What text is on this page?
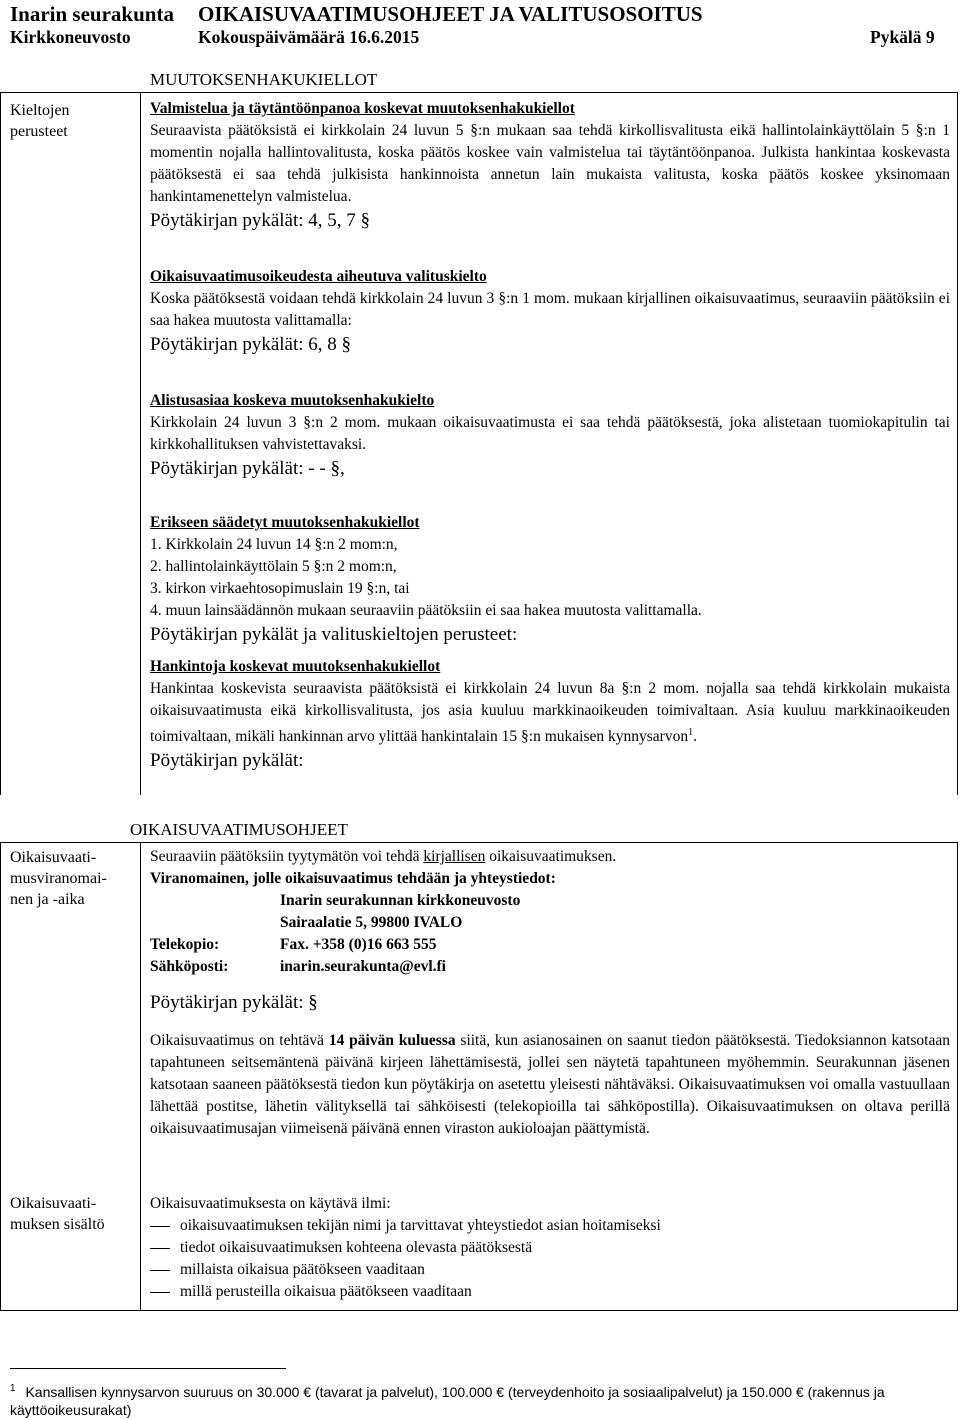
Inarin seurakunta OIKAISUVAATIMUSOHJEET JA VALITUSOSOITUS
Kirkkoneuvosto	Kokouspäivämäärä 16.6.2015	Pykälä 9
MUUTOKSENHAKUKIELLOT
Kieltojen
perusteet
Valmistelua ja täytäntöönpanoa koskevat muutoksenhakukiellot

Seuraavista päätöksistä ei kirkkolain 24 luvun 5 §:n mukaan saa tehdä kirkollisvalitusta eikä hallintolainkäyttölain 5 §:n 1 momentin nojalla hallintovalitusta, koska päätös koskee vain valmistelua tai täytäntöönpanoa. Julkista hankintaa koskevasta päätöksestä ei saa tehdä julkisista hankinnoista annetun lain mukaista valitusta, koska päätös koskee yksinomaan hankintamenettelyn valmistelua.

Pöytäkirjan pykälät: 4, 5, 7 §
Oikaisuvaatimusoikeudesta aiheutuva valituskielto

Koska päätöksestä voidaan tehdä kirkkolain 24 luvun 3 §:n 1 mom. mukaan kirjallinen oikaisuvaatimus, seuraaviin päätöksiin ei saa hakea muutosta valittamalla:

Pöytäkirjan pykälät: 6, 8 §
Alistusasiaa koskeva muutoksenhakukielto

Kirkkolain 24 luvun 3 §:n 2 mom. mukaan oikaisuvaatimusta ei saa tehdä päätöksestä, joka alistetaan tuomiokapitulin tai kirkkohallituksen vahvistettavaksi.

Pöytäkirjan pykälät: - - §,
Erikseen säädetyt muutoksenhakukiellot
1. Kirkkolain 24 luvun 14 §:n 2 mom:n,
2. hallintolainkäyttölain 5 §:n 2 mom:n,
3. kirkon virkaehtosopimuslain 19 §:n, tai
4. muun lainsäädännön mukaan seuraaviin päätöksiin ei saa hakea muutosta valittamalla.
Pöytäkirjan pykälät ja valituskieltojen perusteet:
Hankintoja koskevat muutoksenhakukiellot

Hankintaa koskevista seuraavista päätöksistä ei kirkkolain 24 luvun 8a §:n 2 mom. nojalla saa tehdä kirkkolain mukaista oikaisuvaatimusta eikä kirkollisvalitusta, jos asia kuuluu markkinaoikeuden toimivaltaan. Asia kuuluu markkinaoikeuden toimivaltaan, mikäli hankinnan arvo ylittää hankintalain 15 §:n mukaisen kynnysarvon$^1$.

Pöytäkirjan pykälät:
OIKAISUVAATIMUSOHJEET
Oikaisuvaati-
musviranomai-
nen ja -aika
Seuraaviin päätöksiin tyytymätön voi tehdä kirjallisen oikaisuvaatimuksen.
Viranomainen, jolle oikaisuvaatimus tehdään ja yhteystiedot:
Inarin seurakunnan kirkkoneuvosto
Sairaalatie 5, 99800 IVALO
Telekopio:	Fax. +358 (0)16 663 555
Sähköposti:	inarin.seurakunta@evl.fi
Pöytäkirjan pykälät: §

Oikaisuvaatimus on tehtävä 14 päivän kuluessa siitä, kun asianosainen on saanut tiedon päätöksestä. Tiedoksiannon katsotaan tapahtuneen seitsemäntenä päivänä kirjeen lähettämisestä, jollei sen näytetä tapahtuneen myöhemmin. Seurakunnan jäsenen katsotaan saaneen päätöksestä tiedon kun pöytäkirja on asetettu yleisesti nähtäväksi. Oikaisuvaatimuksen voi omalla vastuullaan lähettää postitse, lähetin välityksellä tai sähköisesti (telekopioilla tai sähköpostilla). Oikaisuvaatimuksen on oltava perillä oikaisuvaatimusajan viimeisenä päivänä ennen viraston aukioloajan päättymistä.

Oikaisuvaati-
muksen sisältö
Oikaisuvaatimuksesta on käytävä ilmi:
oikaisuvaatimuksen tekijän nimi ja tarvittavat yhteystiedot asian hoitamiseksi
tiedot oikaisuvaatimuksen kohteena olevasta päätöksestä
millaista oikaisua päätökseen vaaditaan
millä perusteilla oikaisua päätökseen vaaditaan
$^1$ Kansallisen kynnysarvon suuruus on 30.000 € (tavarat ja palvelut), 100.000 € (terveydenhoito ja sosiaalipalvelut) ja 150.000 € (rakennus ja käyttöoikeusurakat)
